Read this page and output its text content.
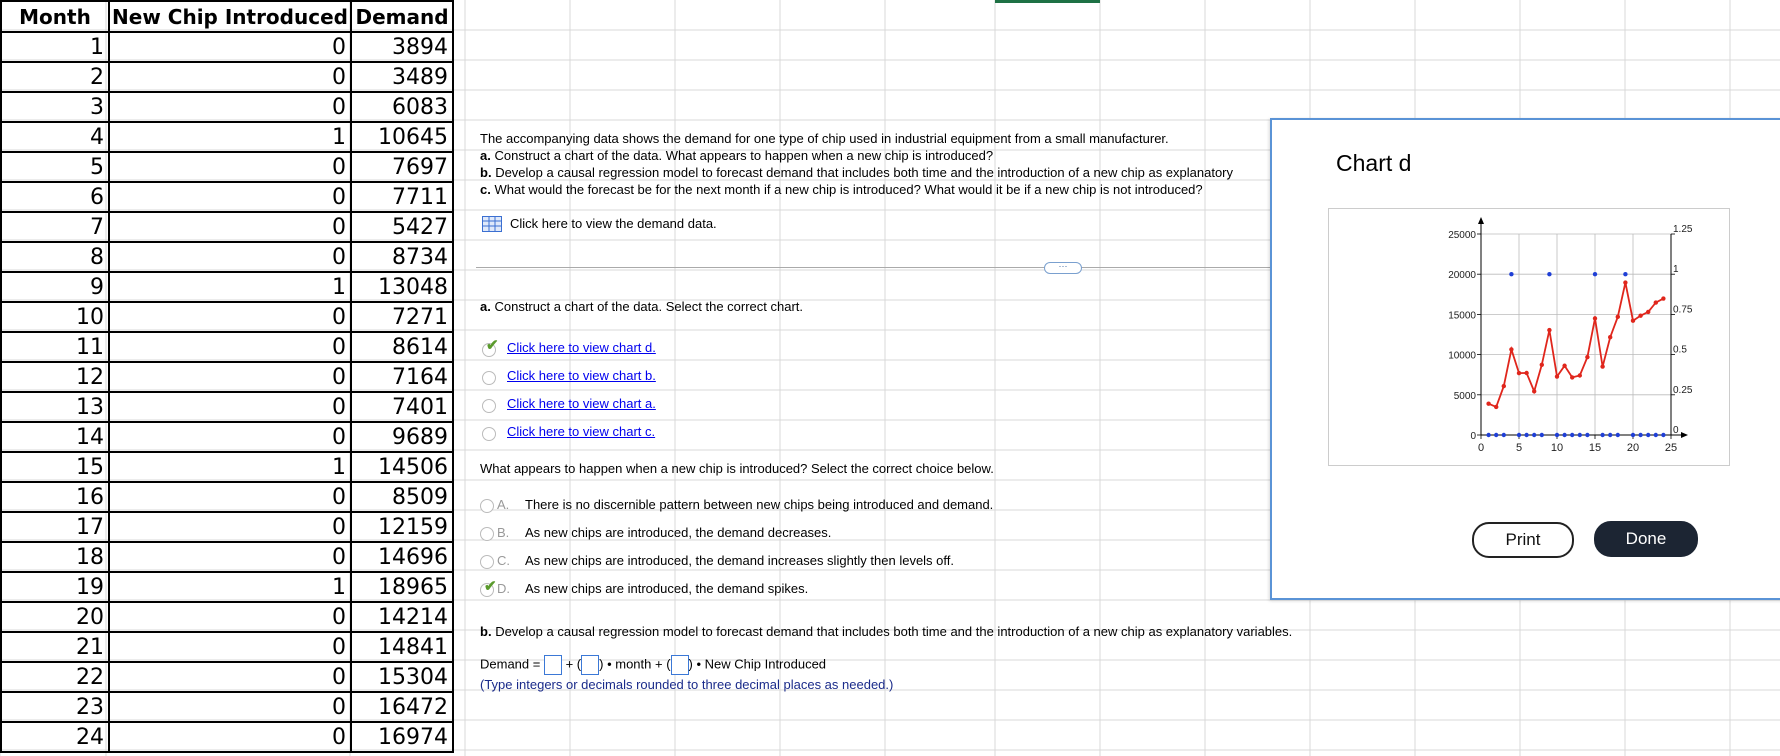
Month	New Chip Introduced	Demand
1	0	3894
2	0	3489
3	0	6083
4	1	10645
5	0	7697
6	0	7711
7	0	5427
8	0	8734
9	1	13048
10	0	7271
11	0	8614
12	0	7164
13	0	7401
14	0	9689
15	1	14506
16	0	8509
17	0	12159
18	0	14696
19	1	18965
20	0	14214
21	0	14841
22	0	15304
23	0	16472
24	0	16974
The accompanying data shows the demand for one type of chip used in industrial equipment from a small manufacturer.
a. Construct a chart of the data. What appears to happen when a new chip is introduced?
b. Develop a causal regression model to forecast demand that includes both time and the introduction of a new chip as explanatory
c. What would the forecast be for the next month if a new chip is introduced? What would it be if a new chip is not introduced?
Click here to view the demand data.
a. Construct a chart of the data. Select the correct chart.
What appears to happen when a new chip is introduced? Select the correct choice below.
b. Develop a causal regression model to forecast demand that includes both time and the introduction of a new chip as explanatory variables.
Demand = + ( ) • month + ( ) • New Chip Introduced
(Type integers or decimals rounded to three decimal places as needed.)
✔ Click here to view chart d.
Click here to view chart b.
Click here to view chart a.
Click here to view chart c.
A. There is no discernible pattern between new chips being introduced and demand.
B. As new chips are introduced, the demand decreases.
C. As new chips are introduced, the demand increases slightly then levels off.
✔ D. As new chips are introduced, the demand spikes.
···
Chart d
0	5	10 15 20 25
0
5000
10000
15000
20000
25000
0
0.25
0.5
0.75
1
1.25
Print	Done
